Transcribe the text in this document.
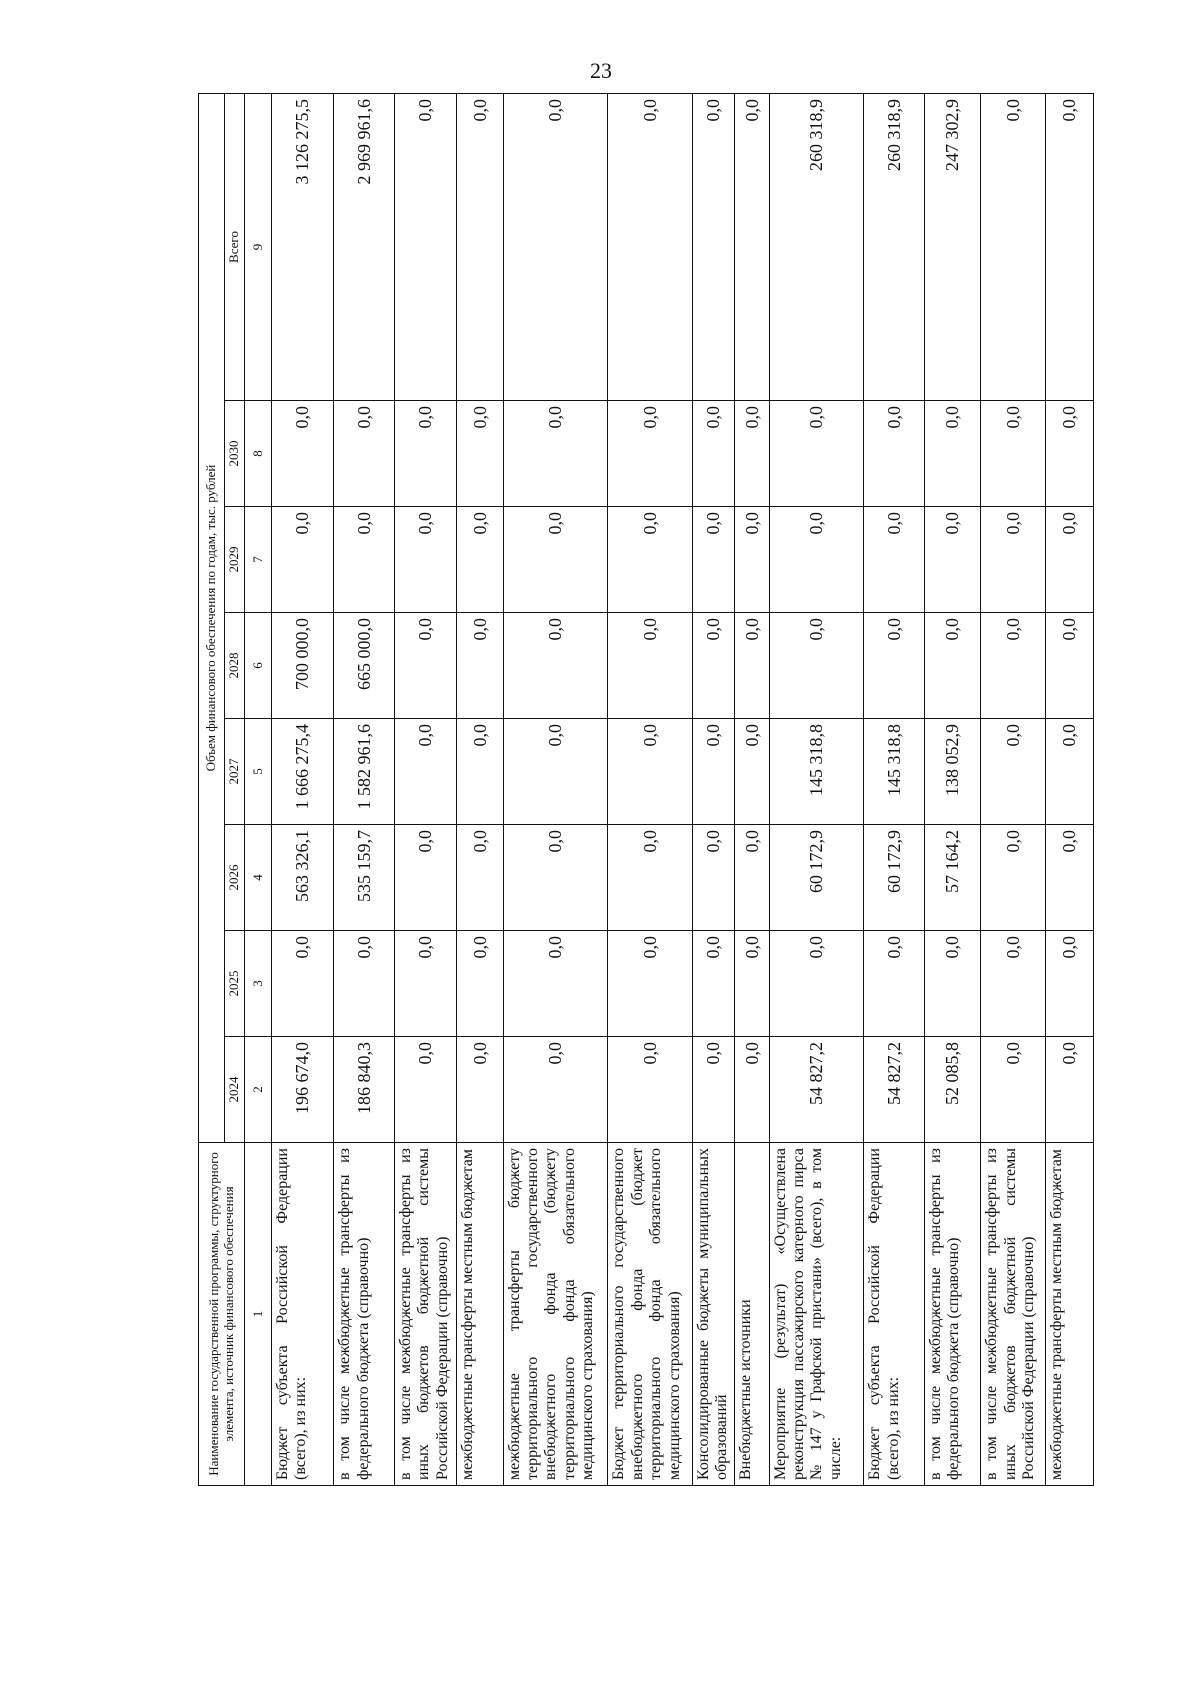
23
Наименование государственной программы, структурного элемента, источник финансового обеспечения	Объем финансового обеспечения по годам, тыс. рублей							
	2024	2025	2026	2027	2028	2029	2030	Всего
1	2	3	4	5	6	7	8	9
Бюджет субъекта Российской Федерации (всего), из них:	196 674,0	0,0	563 326,1	1 666 275,4	700 000,0	0,0	0,0	3 126 275,5
в том числе межбюджетные трансферты из федерального бюджета (справочно)	186 840,3	0,0	535 159,7	1 582 961,6	665 000,0	0,0	0,0	2 969 961,6
в том числе межбюджетные трансферты из иных бюджетов бюджетной системы Российской Федерации (справочно)	0,0	0,0	0,0	0,0	0,0	0,0	0,0	0,0
межбюджетные трансферты местным бюджетам	0,0	0,0	0,0	0,0	0,0	0,0	0,0	0,0
межбюджетные трансферты бюджету территориального государственного внебюджетного фонда (бюджету территориального фонда обязательного медицинского страхования)	0,0	0,0	0,0	0,0	0,0	0,0	0,0	0,0
Бюджет территориального государственного внебюджетного фонда (бюджет территориального фонда обязательного медицинского страхования)	0,0	0,0	0,0	0,0	0,0	0,0	0,0	0,0
Консолидированные бюджеты муниципальных образований	0,0	0,0	0,0	0,0	0,0	0,0	0,0	0,0
Внебюджетные источники	0,0	0,0	0,0	0,0	0,0	0,0	0,0	0,0
Мероприятие (результат) «Осуществлена реконструкция пассажирского катерного пирса № 147 у Графской пристани» (всего), в том числе:	54 827,2	0,0	60 172,9	145 318,8	0,0	0,0	0,0	260 318,9
Бюджет субъекта Российской Федерации (всего), из них:	54 827,2	0,0	60 172,9	145 318,8	0,0	0,0	0,0	260 318,9
в том числе межбюджетные трансферты из федерального бюджета (справочно)	52 085,8	0,0	57 164,2	138 052,9	0,0	0,0	0,0	247 302,9
в том числе межбюджетные трансферты из иных бюджетов бюджетной системы Российской Федерации (справочно)	0,0	0,0	0,0	0,0	0,0	0,0	0,0	0,0
межбюджетные трансферты местным бюджетам	0,0	0,0	0,0	0,0	0,0	0,0	0,0	0,0
